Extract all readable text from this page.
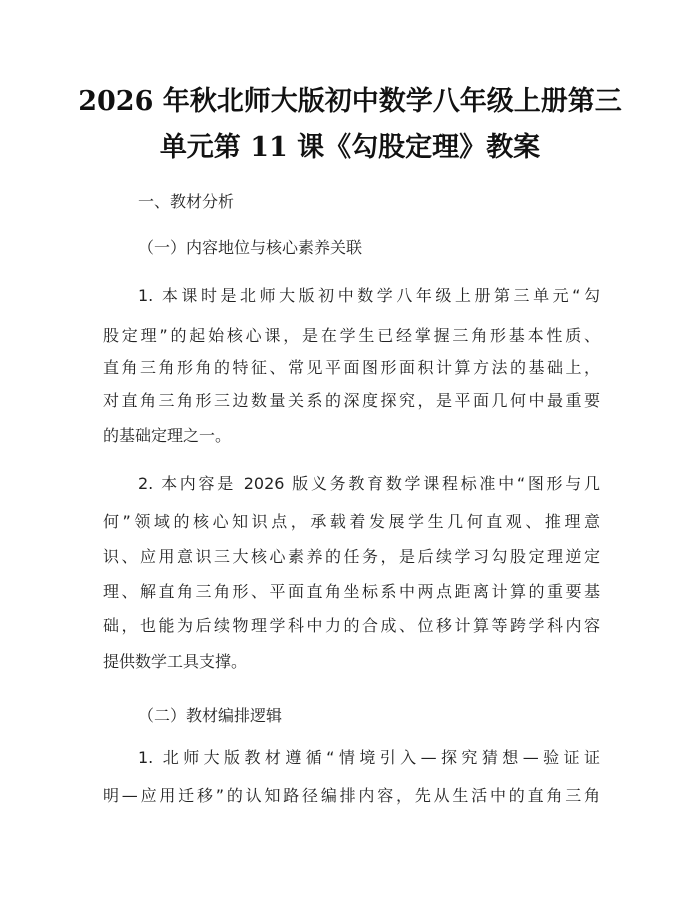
2026 年秋北师大版初中数学八年级上册第三
单元第 11 课《勾股定理》教案

一、教材分析

（一）内容地位与核心素养关联

1. 本课时是北师大版初中数学八年级上册第三单元“勾

股定理”的起始核心课，是在学生已经掌握三角形基本性质、

直角三角形角的特征、常见平面图形面积计算方法的基础上，

对直角三角形三边数量关系的深度探究，是平面几何中最重要

的基础定理之一。

2. 本内容是 2026 版义务教育数学课程标准中“图形与几

何”领域的核心知识点，承载着发展学生几何直观、推理意

识、应用意识三大核心素养的任务，是后续学习勾股定理逆定

理、解直角三角形、平面直角坐标系中两点距离计算的重要基

础，也能为后续物理学科中力的合成、位移计算等跨学科内容

提供数学工具支撑。

（二）教材编排逻辑

1. 北师大版教材遵循“情境引入—探究猜想—验证证

明—应用迁移”的认知路径编排内容，先从生活中的直角三角
